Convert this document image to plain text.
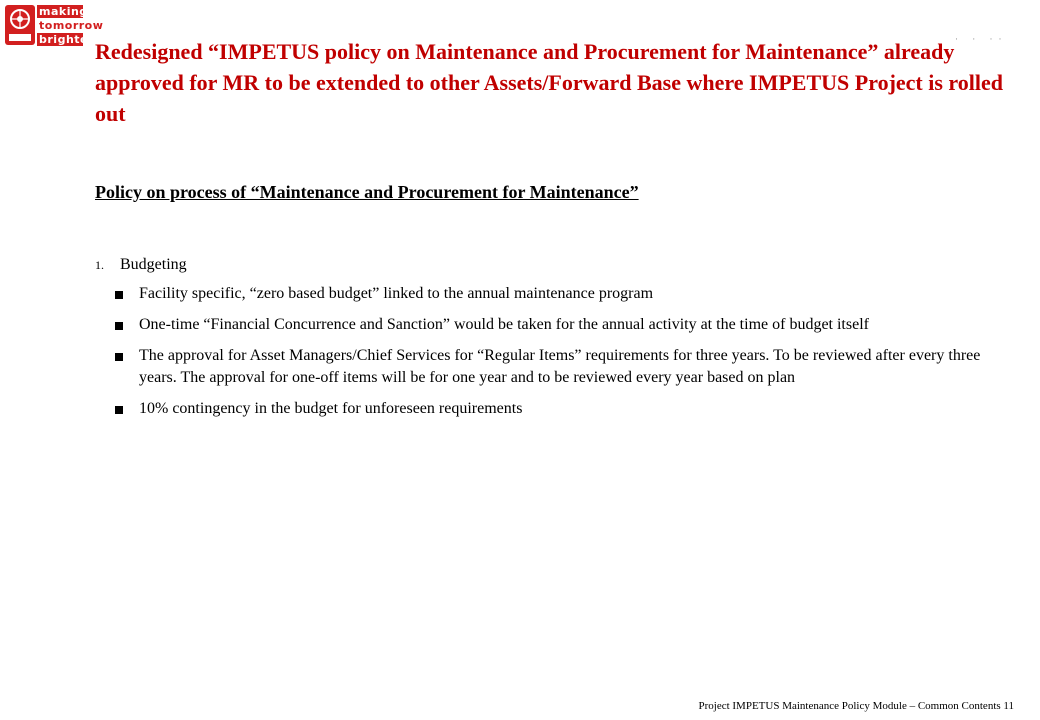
making
tomorrow
brighter	· · ··
Redesigned “IMPETUS policy on Maintenance and Procurement for Maintenance” already approved for MR to be extended to other Assets/Forward Base where IMPETUS Project is rolled out
Policy on process of “Maintenance and Procurement for Maintenance”
1.	Budgeting
Facility specific, “zero based budget” linked to the annual maintenance program
One-time “Financial Concurrence and Sanction” would be taken for the annual activity at the time of budget itself
The approval for Asset Managers/Chief Services for “Regular Items” requirements for three years. To be reviewed after every three years. The approval for one-off items will be for one year and to be reviewed every year based on plan
10% contingency in the budget for unforeseen requirements
Project IMPETUS Maintenance Policy Module – Common Contents 11
